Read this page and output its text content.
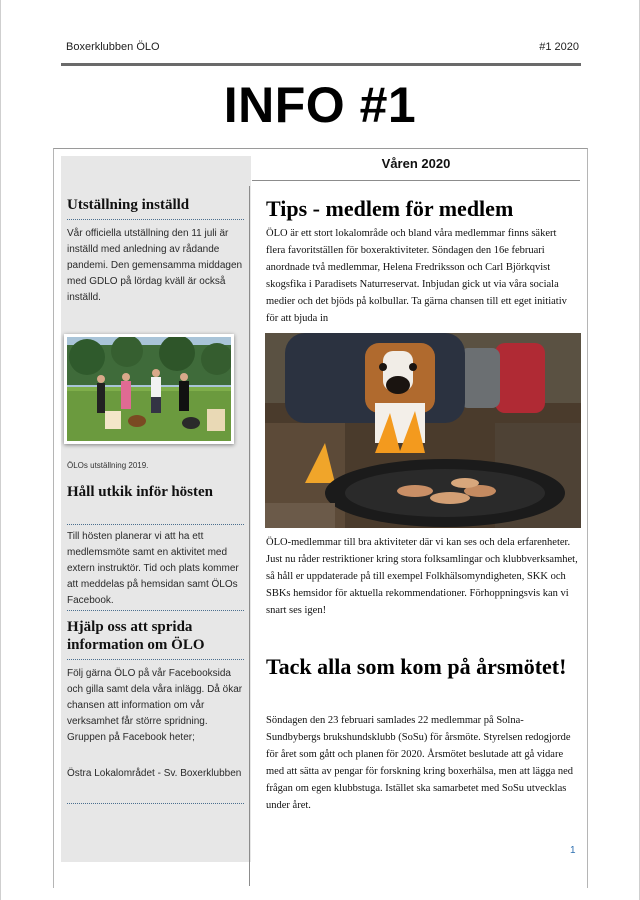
Boxerklubben ÖLO	#1 2020
INFO #1
Våren 2020
Utställning inställd
Vår officiella utställning den 11 juli är inställd med anledning av rådande pandemi. Den gemensamma middagen med GDLO på lördag kväll är också inställd.
ÖLOs utställning 2019.
Håll utkik inför hösten
Till hösten planerar vi att ha ett medlemsmöte samt en aktivitet med extern instruktör. Tid och plats kommer att meddelas på hemsidan samt ÖLOs Facebook.
Hjälp oss att sprida information om ÖLO
Följ gärna ÖLO på vår Facebooksida och gilla samt dela våra inlägg. Då ökar chansen att information om vår verksamhet får större spridning. Gruppen på Facebook heter;
Östra Lokalområdet - Sv. Boxerklubben
Tips - medlem för medlem
ÖLO är ett stort lokalområde och bland våra medlemmar finns säkert flera favoritställen för boxeraktiviteter. Söndagen den 16e februari anordnade två medlemmar, Helena Fredriksson och Carl Björkqvist skogsfika i Paradisets Naturreservat. Inbjudan gick ut via våra sociala medier och det bjöds på kolbullar. Ta gärna chansen till ett eget initiativ för att bjuda in
ÖLO-medlemmar till bra aktiviteter där vi kan ses och dela erfarenheter. Just nu råder restriktioner kring stora folksamlingar och klubbverksamhet, så håll er uppdaterade på till exempel Folkhälsomyndigheten, SKK och SBKs hemsidor för aktuella rekommendationer. Förhoppningsvis kan vi snart ses igen!
Tack alla som kom på årsmötet!
Söndagen den 23 februari samlades 22 medlemmar på Solna-Sundbybergs brukshundsklubb (SoSu) för årsmöte. Styrelsen redogjorde för året som gått och planen för 2020. Årsmötet beslutade att gå vidare med att sätta av pengar för forskning kring boxerhälsa, men att lägga ned frågan om egen klubbstuga. Istället ska samarbetet med SoSu utvecklas under året.
1
